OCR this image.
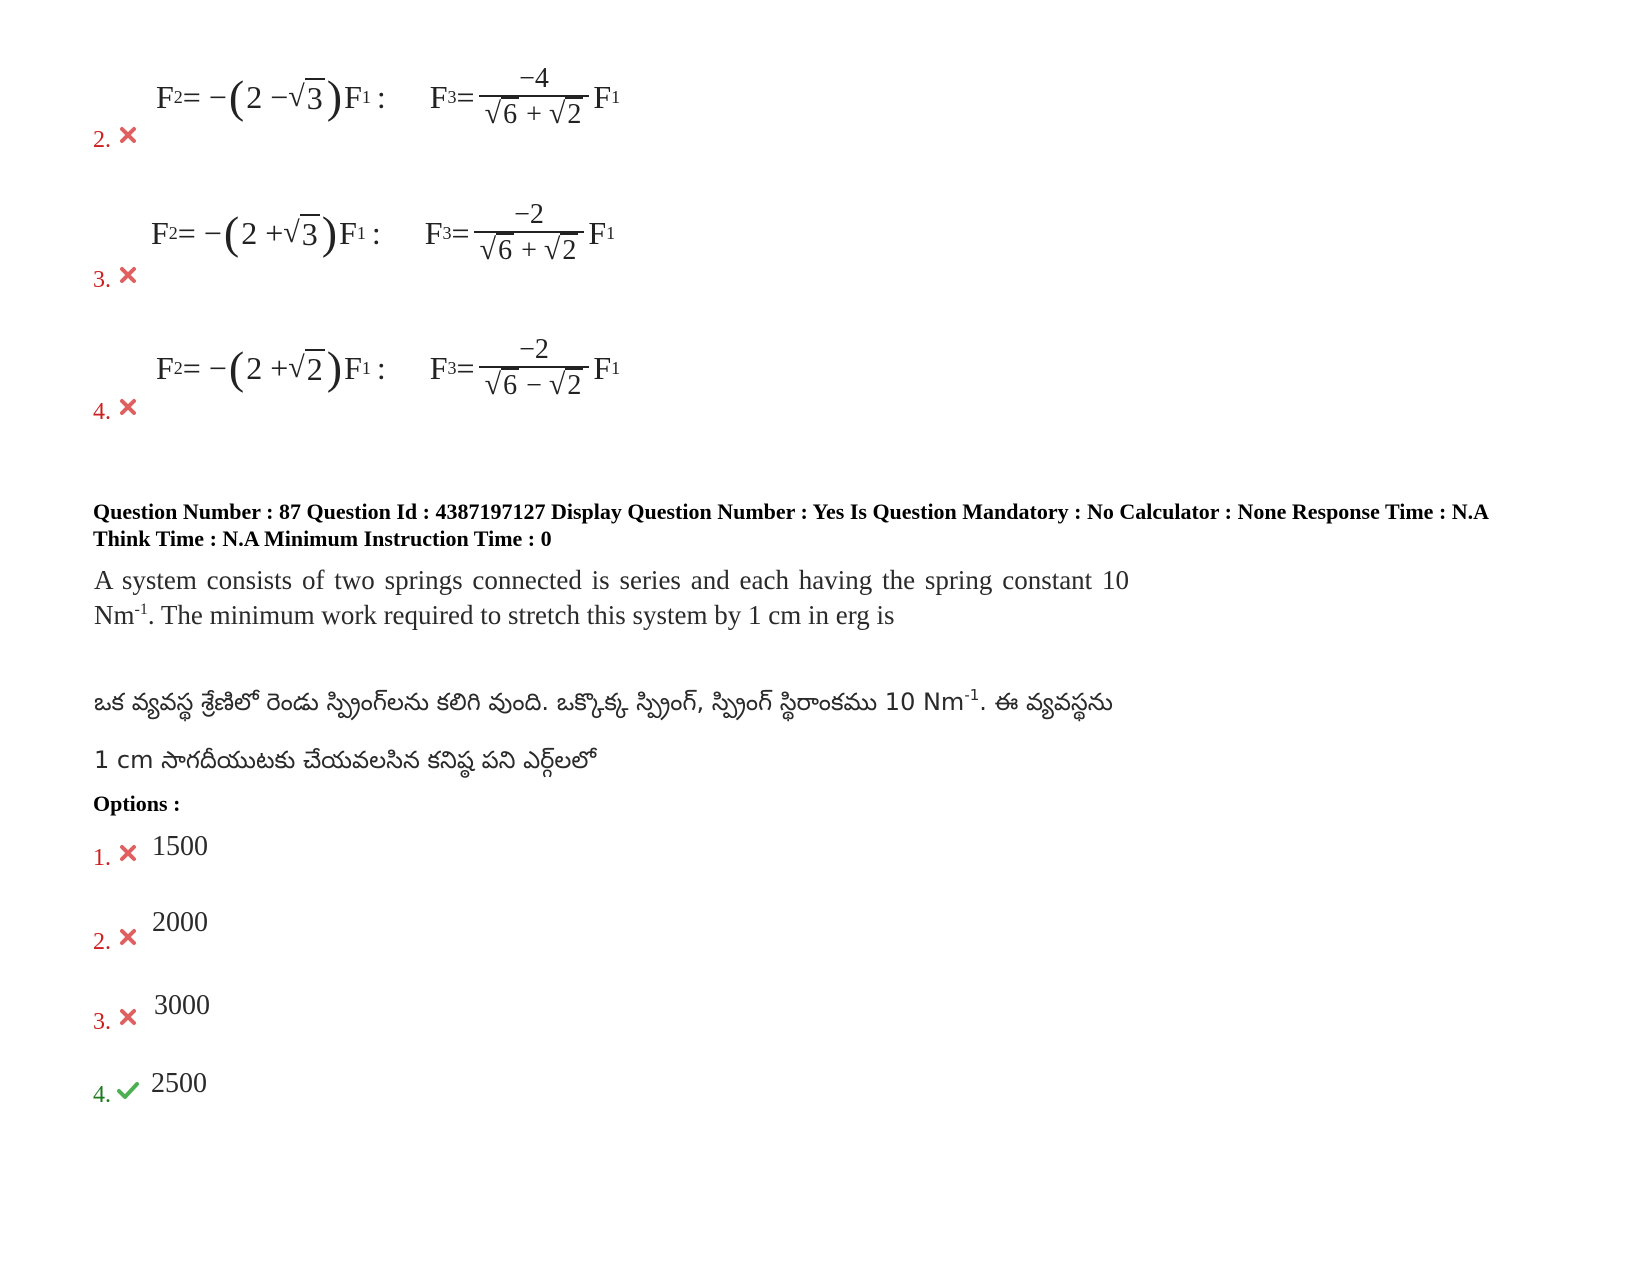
2.
F 2 = − ( 2 − √ 3 ) F 1 : F $3 = \frac{-4}{√6 + √2}$ F 1
3.
F 2 = − ( 2 + √ 3 ) F 1 : F $3 = \frac{-2}{√6 + √2}$ F 1
4.
F 2 = − ( 2 + √ 2 ) F 1 : F $3 = \frac{-2}{√6 - √2}$ F 1
Question Number : 87 Question Id : 4387197127 Display Question Number : Yes Is Question Mandatory : No Calculator : None Response Time : N.A Think Time : N.A Minimum Instruction Time : 0
A system consists of two springs connected is series and each having the spring constant 10 $Nm^{-1}$. The minimum work required to stretch this system by 1 cm in erg is
ఒక వ్యవస్థ శ్రేణిలో రెండు స్ప్రింగ్‌లను కలిగి వుంది. ఒక్కొక్క స్ప్రింగ్, స్ప్రింగ్ స్థిరాంకము 10 $Nm^{-1}$. ఈ వ్యవస్థను
1 cm సాగదీయుటకు చేయవలసిన కనిష్ఠ పని ఎర్గ్‌లలో
Options :
1. 1500
2.
2000
3.
3000
4. 2500
